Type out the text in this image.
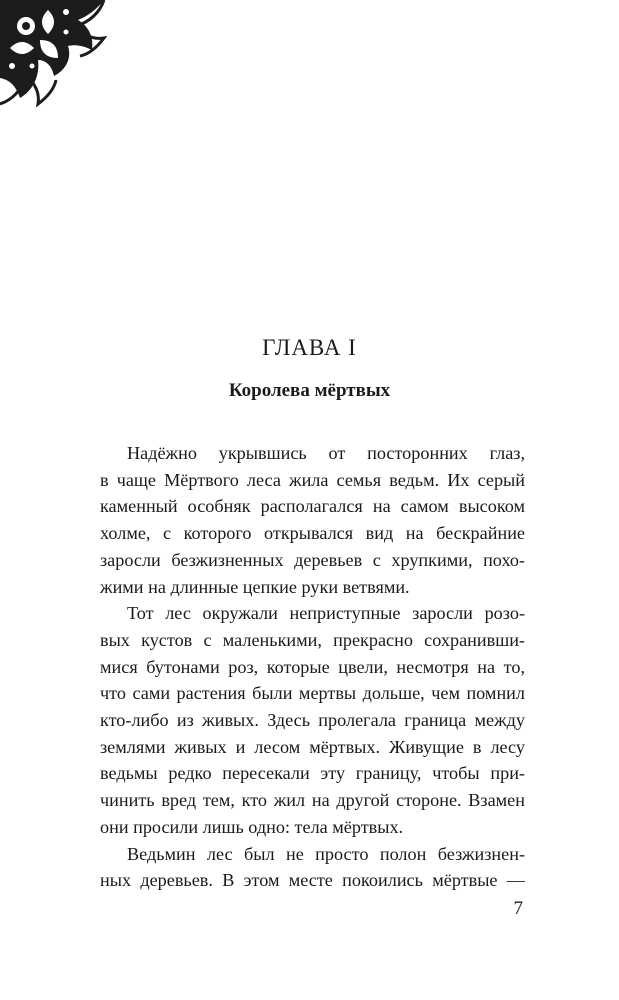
ГЛАВА I
Королева мёртвых
Надёжно укрывшись от посторонних глаз,
в чаще Мёртвого леса жила семья ведьм. Их серый
каменный особняк располагался на самом высоком
холме, с которого открывался вид на бескрайние
заросли безжизненных деревьев с хрупкими, похо-
жими на длинные цепкие руки ветвями.
Тот лес окружали неприступные заросли розо-
вых кустов с маленькими, прекрасно сохранивши-
мися бутонами роз, которые цвели, несмотря на то,
что сами растения были мертвы дольше, чем помнил
кто-либо из живых. Здесь пролегала граница между
землями живых и лесом мёртвых. Живущие в лесу
ведьмы редко пересекали эту границу, чтобы при-
чинить вред тем, кто жил на другой стороне. Взамен
они просили лишь одно: тела мёртвых.
Ведьмин лес был не просто полон безжизнен-
ных деревьев. В этом месте покоились мёртвые —
7
